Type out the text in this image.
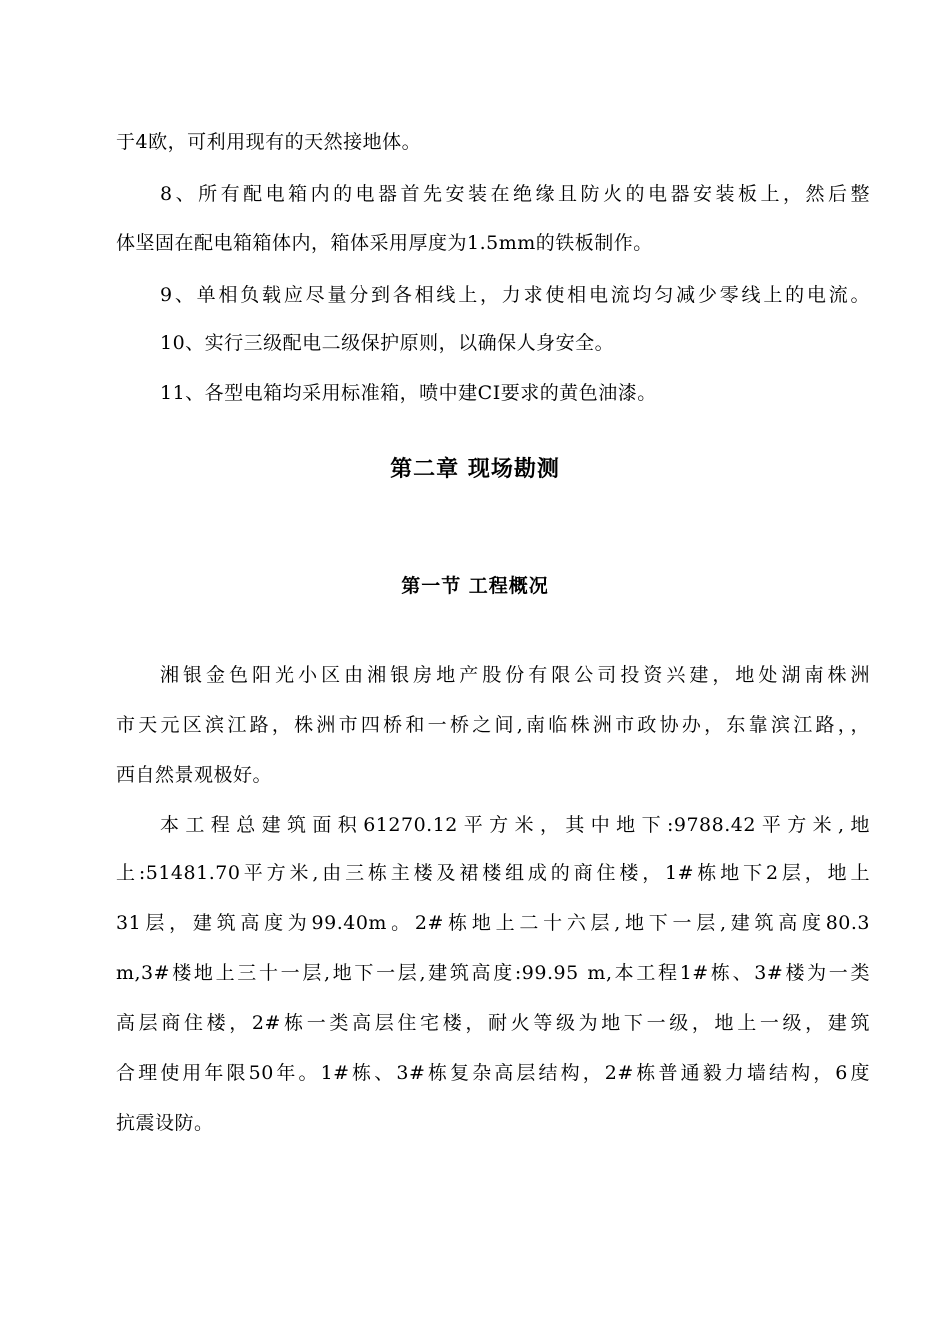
于4欧，可利用现有的天然接地体。
8、所有配电箱内的电器首先安装在绝缘且防火的电器安装板上，然后整
体坚固在配电箱箱体内，箱体采用厚度为1.5mm的铁板制作。
9、单相负载应尽量分到各相线上，力求使相电流均匀减少零线上的电流。
10、实行三级配电二级保护原则，以确保人身安全。
11、各型电箱均采用标准箱，喷中建CI要求的黄色油漆。
第二章 现场勘测
第一节 工程概况
湘银金色阳光小区由湘银房地产股份有限公司投资兴建，地处湖南株洲
市天元区滨江路，株洲市四桥和一桥之间,南临株洲市政协办，东靠滨江路，，
西自然景观极好。
本工程总建筑面积61270.12平方米，其中地下:9788.42平方米,地
上:51481.70平方米,由三栋主楼及裙楼组成的商住楼，1#栋地下2层，地上
31层，建筑高度为99.40m。2#栋地上二十六层,地下一层,建筑高度80.3
m,3#楼地上三十一层,地下一层,建筑高度:99.95 m,本工程1#栋、3#楼为一类
高层商住楼，2#栋一类高层住宅楼，耐火等级为地下一级，地上一级，建筑
合理使用年限50年。1#栋、3#栋复杂高层结构，2#栋普通毅力墙结构，6度
抗震设防。
